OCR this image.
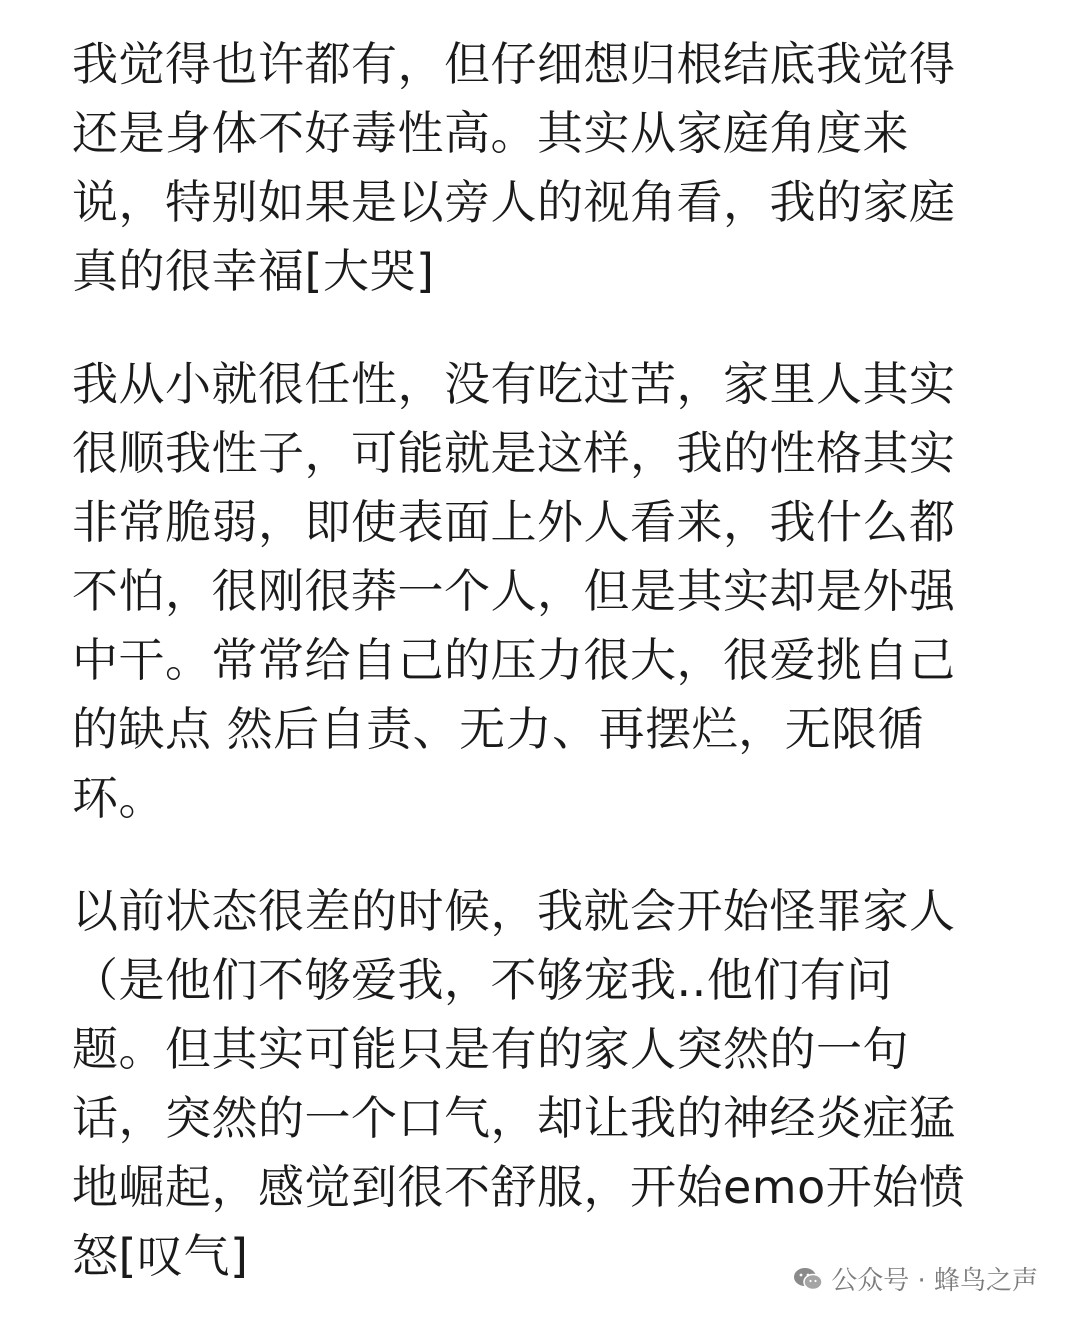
我觉得也许都有，但仔细想归根结底我觉得
还是身体不好毒性高。其实从家庭角度来
说，特别如果是以旁人的视角看，我的家庭
真的很幸福[大哭]
我从小就很任性，没有吃过苦，家里人其实
很顺我性子，可能就是这样，我的性格其实
非常脆弱，即使表面上外人看来，我什么都
不怕，很刚很莽一个人，但是其实却是外强
中干。常常给自己的压力很大，很爱挑自己
的缺点 然后自责、无力、再摆烂，无限循
环。
以前状态很差的时候，我就会开始怪罪家人
（是他们不够爱我，不够宠我..他们有问
题。但其实可能只是有的家人突然的一句
话，突然的一个口气，却让我的神经炎症猛
地崛起，感觉到很不舒服，开始emo开始愤
怒[叹气]	公众号 · 蜂鸟之声
